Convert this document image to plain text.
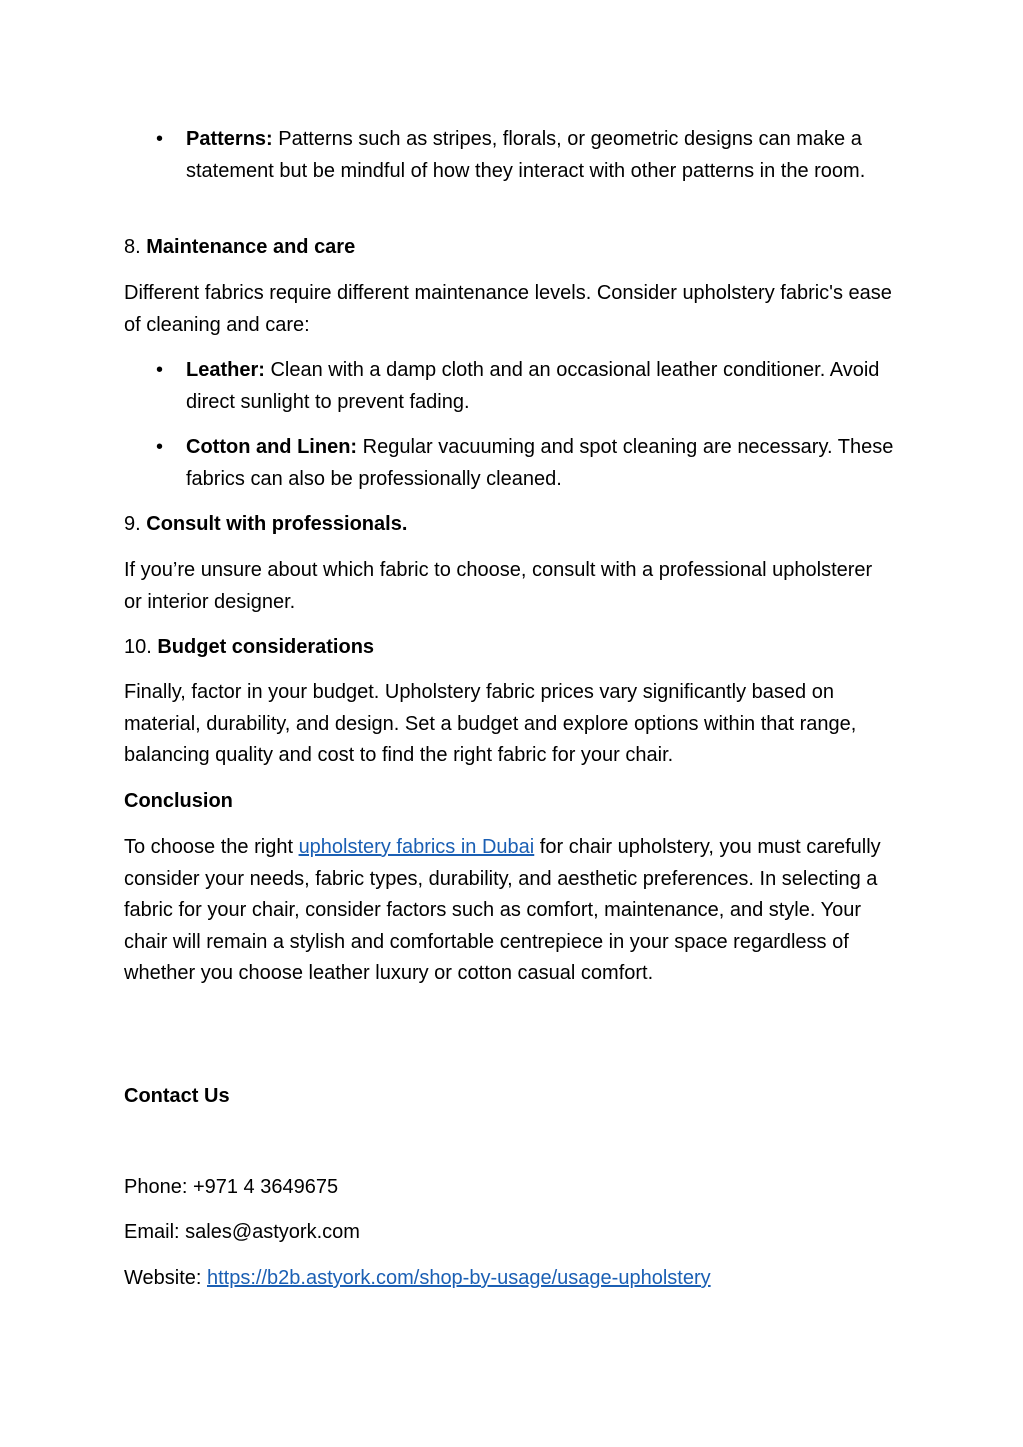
• Patterns: Patterns such as stripes, florals, or geometric designs can make a statement but be mindful of how they interact with other patterns in the room.
8. Maintenance and care
Different fabrics require different maintenance levels. Consider upholstery fabric's ease of cleaning and care:
• Leather: Clean with a damp cloth and an occasional leather conditioner. Avoid direct sunlight to prevent fading.
• Cotton and Linen: Regular vacuuming and spot cleaning are necessary. These fabrics can also be professionally cleaned.
9. Consult with professionals.
If you’re unsure about which fabric to choose, consult with a professional upholsterer or interior designer.
10. Budget considerations
Finally, factor in your budget. Upholstery fabric prices vary significantly based on material, durability, and design. Set a budget and explore options within that range, balancing quality and cost to find the right fabric for your chair.
Conclusion
To choose the right upholstery fabrics in Dubai for chair upholstery, you must carefully consider your needs, fabric types, durability, and aesthetic preferences. In selecting a fabric for your chair, consider factors such as comfort, maintenance, and style. Your chair will remain a stylish and comfortable centrepiece in your space regardless of whether you choose leather luxury or cotton casual comfort.
Contact Us
Phone: +971 4 3649675
Email: sales@astyork.com
Website: https://b2b.astyork.com/shop-by-usage/usage-upholstery
